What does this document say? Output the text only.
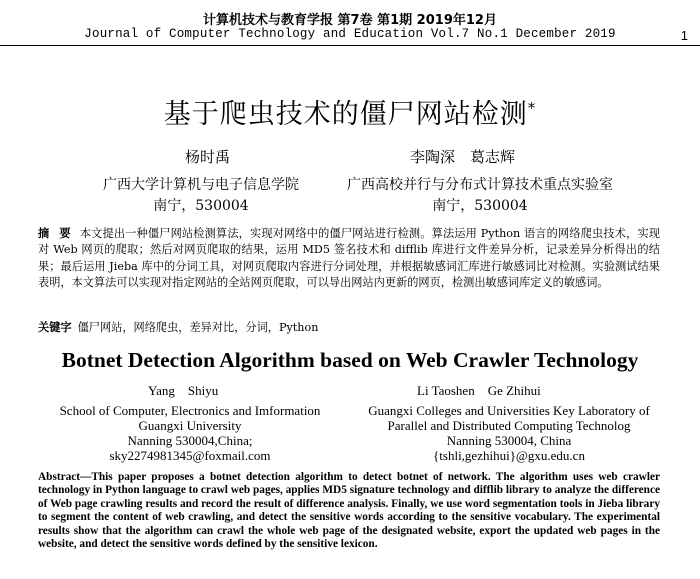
计算机技术与教育学报 第7卷 第1期 2019年12月
Journal of Computer Technology and Education Vol.7 No.1 December 2019	1
基于爬虫技术的僵尸网站检测*
杨时禹	李陶深　葛志辉
广西大学计算机与电子信息学院
南宁，530004
广西高校并行与分布式计算技术重点实验室
南宁，530004
摘 要 本文提出一种僵尸网站检测算法，实现对网络中的僵尸网站进行检测。算法运用 Python 语言的网络爬虫技术，实现对 Web 网页的爬取；然后对网页爬取的结果，运用 MD5 签名技术和 difflib 库进行文件差异分析，记录差异分析得出的结果；最后运用 Jieba 库中的分词工具，对网页爬取内容进行分词处理，并根据敏感词汇库进行敏感词比对检测。实验测试结果表明，本文算法可以实现对指定网站的全站网页爬取，可以导出网站内更新的网页，检测出敏感词库定义的敏感词。
关键字 僵尸网站，网络爬虫，差异对比，分词，Python
Botnet Detection Algorithm based on Web Crawler Technology
Yang　Shiyu	Li Taoshen　Ge Zhihui
School of Computer, Electronics and Imformation
Guangxi University
Nanning 530004,China;
sky2274981345@foxmail.com
Guangxi Colleges and Universities Key Laboratory of
Parallel and Distributed Computing Technolog
Nanning 530004, China
{tshli,gezhihui}@gxu.edu.cn
Abstract—This paper proposes a botnet detection algorithm to detect botnet of network. The algorithm uses web crawler technology in Python language to crawl web pages, applies MD5 signature technology and difflib library to analyze the difference of Web page crawling results and record the result of difference analysis. Finally, we use word segmentation tools in Jieba library to segment the content of web crawling, and detect the sensitive words according to the sensitive vocabulary. The experimental results show that the algorithm can crawl the whole web page of the designated website, export the updated web pages in the website, and detect the sensitive words defined by the sensitive lexicon.
